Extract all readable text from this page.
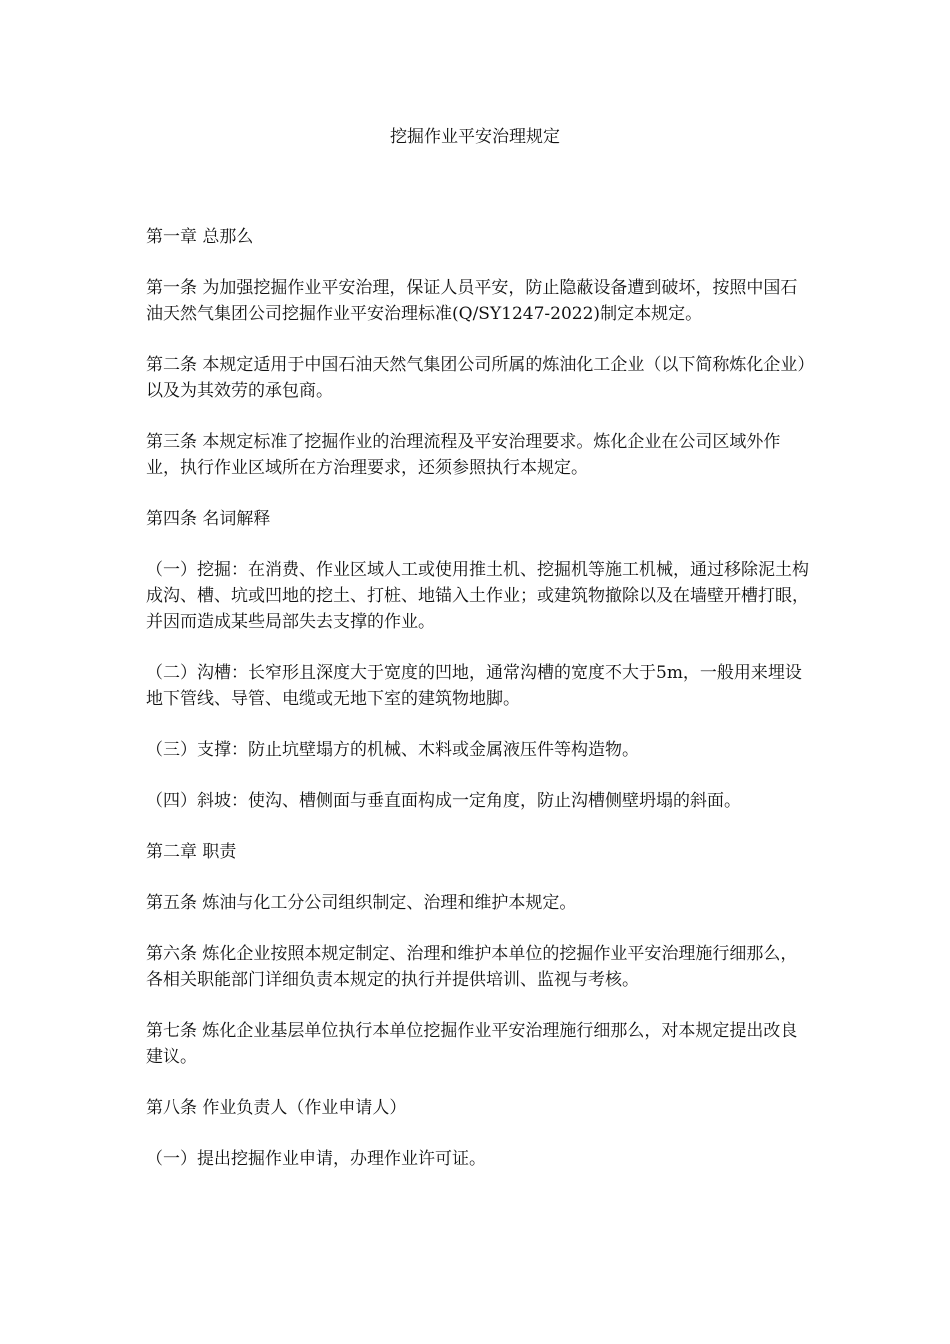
挖掘作业平安治理规定

第一章 总那么

第一条 为加强挖掘作业平安治理，保证人员平安，防止隐蔽设备遭到破坏，按照中国石油天然气集团公司挖掘作业平安治理标准(Q/SY1247-2022)制定本规定。

第二条 本规定适用于中国石油天然气集团公司所属的炼油化工企业（以下简称炼化企业）以及为其效劳的承包商。

第三条 本规定标准了挖掘作业的治理流程及平安治理要求。炼化企业在公司区域外作业，执行作业区域所在方治理要求，还须参照执行本规定。

第四条 名词解释

（一）挖掘：在消费、作业区域人工或使用推土机、挖掘机等施工机械，通过移除泥土构成沟、槽、坑或凹地的挖土、打桩、地锚入土作业；或建筑物撤除以及在墙壁开槽打眼，并因而造成某些局部失去支撑的作业。

（二）沟槽：长窄形且深度大于宽度的凹地，通常沟槽的宽度不大于5m，一般用来埋设地下管线、导管、电缆或无地下室的建筑物地脚。

（三）支撑：防止坑壁塌方的机械、木料或金属液压件等构造物。

（四）斜坡：使沟、槽侧面与垂直面构成一定角度，防止沟槽侧壁坍塌的斜面。

第二章 职责

第五条 炼油与化工分公司组织制定、治理和维护本规定。

第六条 炼化企业按照本规定制定、治理和维护本单位的挖掘作业平安治理施行细那么，各相关职能部门详细负责本规定的执行并提供培训、监视与考核。

第七条 炼化企业基层单位执行本单位挖掘作业平安治理施行细那么，对本规定提出改良建议。

第八条 作业负责人（作业申请人）

（一）提出挖掘作业申请，办理作业许可证。
